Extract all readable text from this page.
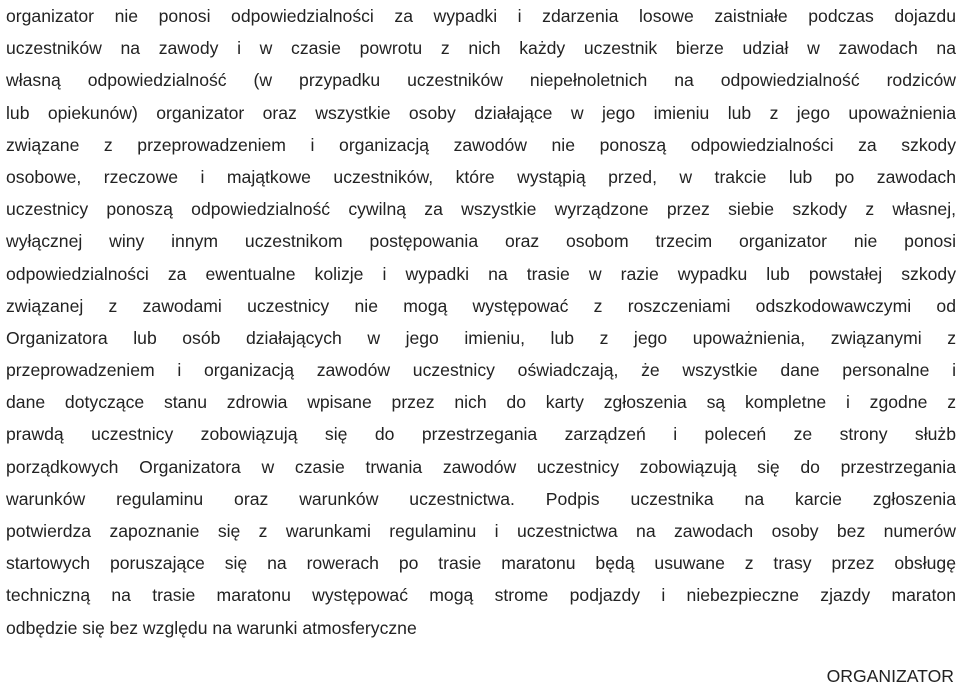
organizator nie ponosi odpowiedzialności za wypadki i zdarzenia losowe zaistniałe podczas dojazdu
uczestników na zawody i w czasie powrotu z nich każdy uczestnik bierze udział w zawodach na
własną odpowiedzialność (w przypadku uczestników niepełnoletnich na odpowiedzialność rodziców
lub opiekunów) organizator oraz wszystkie osoby działające w jego imieniu lub z jego upoważnienia
związane z przeprowadzeniem i organizacją zawodów nie ponoszą odpowiedzialności za szkody
osobowe, rzeczowe i majątkowe uczestników, które wystąpią przed, w trakcie lub po zawodach
uczestnicy ponoszą odpowiedzialność cywilną za wszystkie wyrządzone przez siebie szkody z własnej,
wyłącznej winy innym uczestnikom postępowania oraz osobom trzecim organizator nie ponosi
odpowiedzialności za ewentualne kolizje i wypadki na trasie w razie wypadku lub powstałej szkody
związanej z zawodami uczestnicy nie mogą występować z roszczeniami odszkodowawczymi od
Organizatora lub osób działających w jego imieniu, lub z jego upoważnienia, związanymi z
przeprowadzeniem i organizacją zawodów uczestnicy oświadczają, że wszystkie dane personalne i
dane dotyczące stanu zdrowia wpisane przez nich do karty zgłoszenia są kompletne i zgodne z
prawdą uczestnicy zobowiązują się do przestrzegania zarządzeń i poleceń ze strony służb
porządkowych Organizatora w czasie trwania zawodów uczestnicy zobowiązują się do przestrzegania
warunków regulaminu oraz warunków uczestnictwa. Podpis uczestnika na karcie zgłoszenia
potwierdza zapoznanie się z warunkami regulaminu i uczestnictwa na zawodach osoby bez numerów
startowych poruszające się na rowerach po trasie maratonu będą usuwane z trasy przez obsługę
techniczną na trasie maratonu występować mogą strome podjazdy i niebezpieczne zjazdy maraton
odbędzie się bez względu na warunki atmosferyczne
ORGANIZATOR
